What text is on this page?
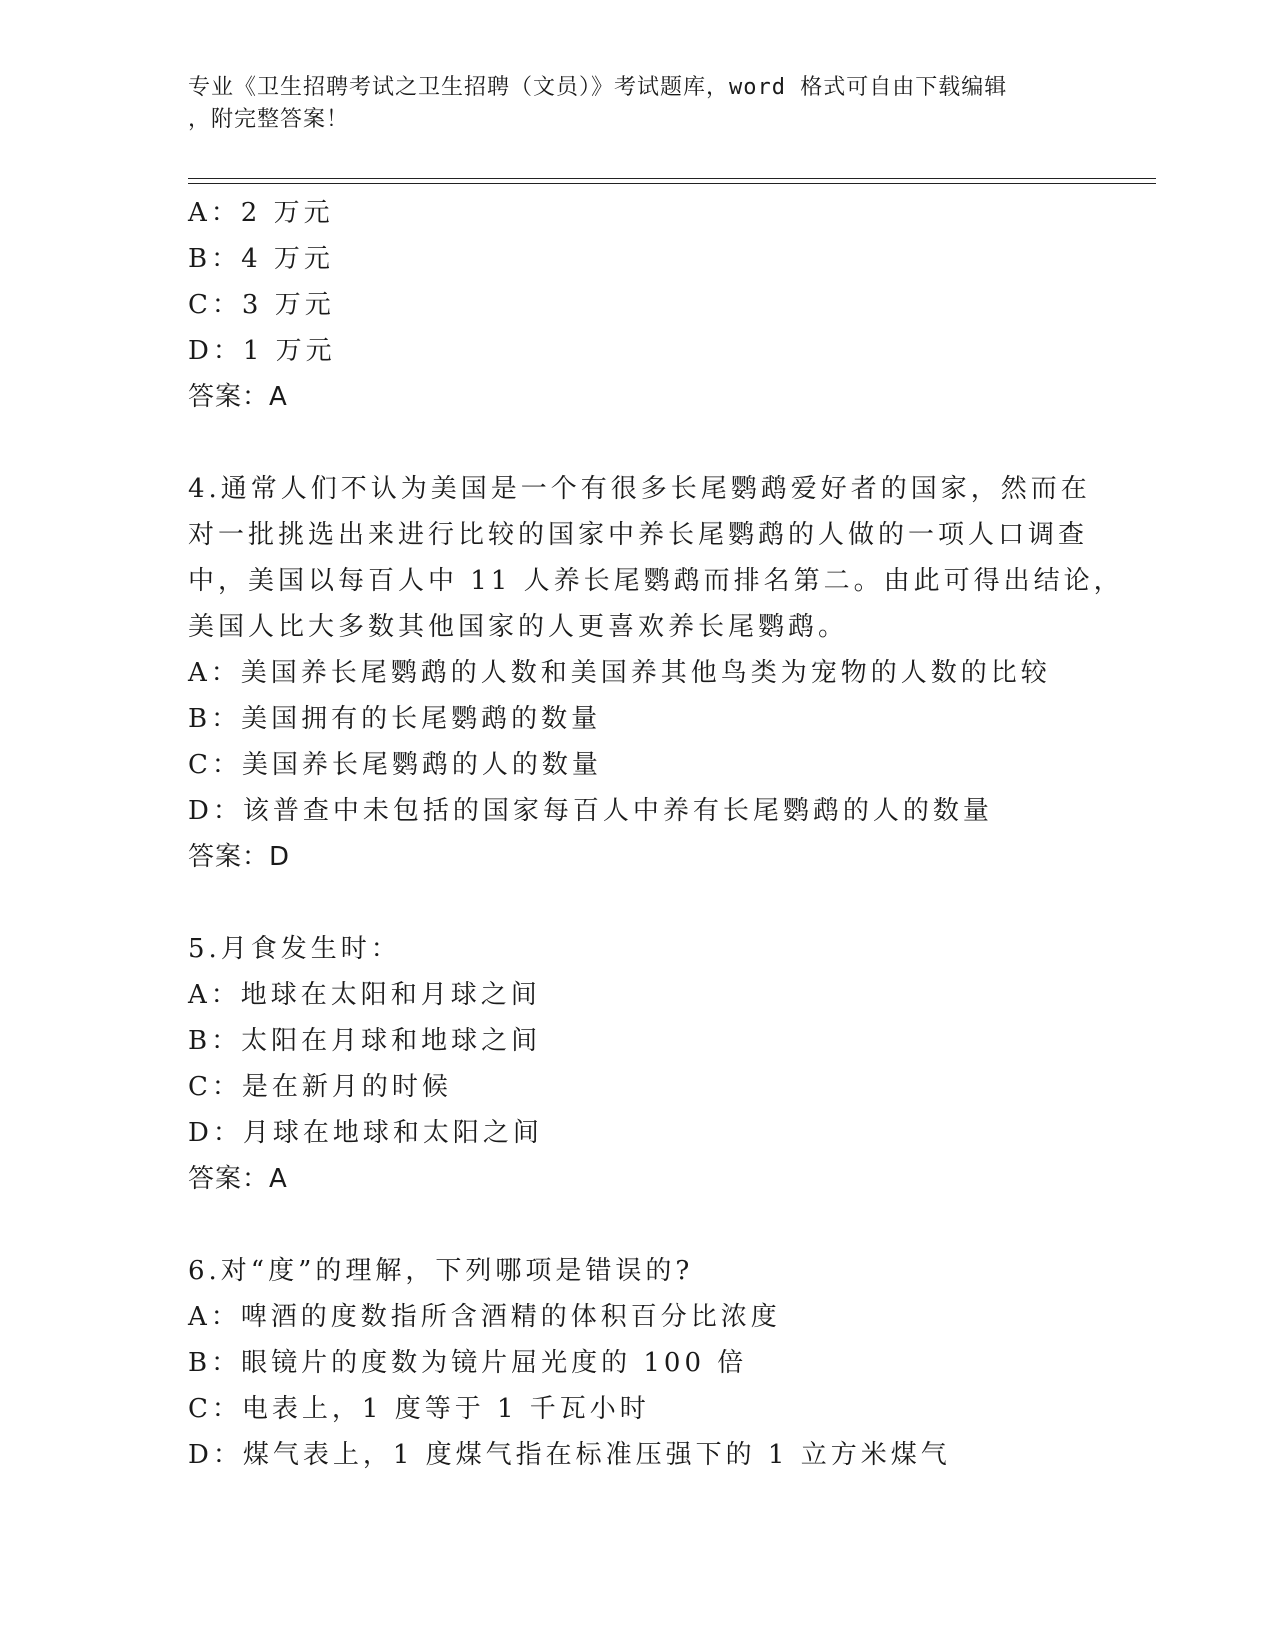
专业《卫生招聘考试之卫生招聘（文员）》考试题库，word 格式可自由下载编辑
，附完整答案！
A：2 万元
B：4 万元
C：3 万元
D：1 万元
答案：A
4.通常人们不认为美国是一个有很多长尾鹦鹉爱好者的国家，然而在
对一批挑选出来进行比较的国家中养长尾鹦鹉的人做的一项人口调查
中，美国以每百人中 11 人养长尾鹦鹉而排名第二。由此可得出结论，
美国人比大多数其他国家的人更喜欢养长尾鹦鹉。
A：美国养长尾鹦鹉的人数和美国养其他鸟类为宠物的人数的比较
B：美国拥有的长尾鹦鹉的数量
C：美国养长尾鹦鹉的人的数量
D：该普查中未包括的国家每百人中养有长尾鹦鹉的人的数量
答案：D
5.月食发生时：
A：地球在太阳和月球之间
B：太阳在月球和地球之间
C：是在新月的时候
D：月球在地球和太阳之间
答案：A
6.对“度”的理解，下列哪项是错误的?
A：啤酒的度数指所含酒精的体积百分比浓度
B：眼镜片的度数为镜片屈光度的 100 倍
C：电表上，1 度等于 1 千瓦小时
D：煤气表上，1 度煤气指在标准压强下的 1 立方米煤气
